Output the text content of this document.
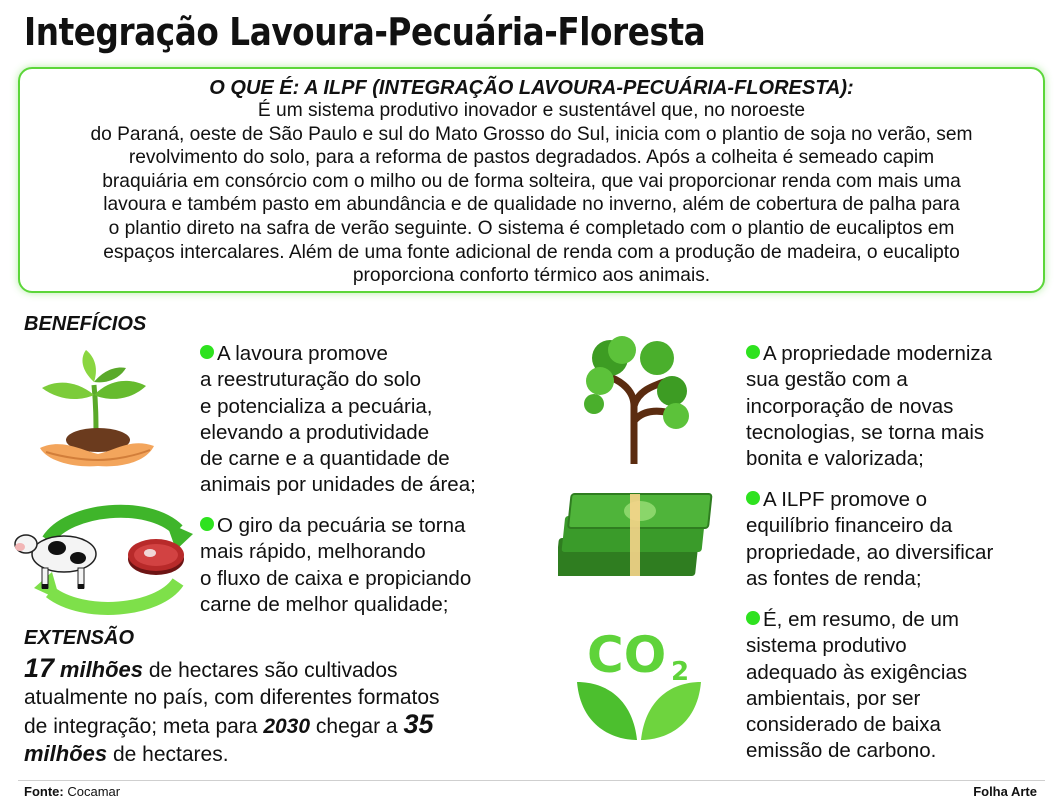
Integração Lavoura-Pecuária-Floresta
O QUE É: A ILPF (INTEGRAÇÃO LAVOURA-PECUÁRIA-FLORESTA):
É um sistema produtivo inovador e sustentável que, no noroeste
do Paraná, oeste de São Paulo e sul do Mato Grosso do Sul, inicia com o plantio de soja no verão, sem
revolvimento do solo, para a reforma de pastos degradados. Após a colheita é semeado capim
braquiária em consórcio com o milho ou de forma solteira, que vai proporcionar renda com mais uma
lavoura e também pasto em abundância e de qualidade no inverno, além de cobertura de palha para
o plantio direto na safra de verão seguinte. O sistema é completado com o plantio de eucaliptos em
espaços intercalares. Além de uma fonte adicional de renda com a produção de madeira, o eucalipto
proporciona conforto térmico aos animais.
BENEFÍCIOS
A lavoura promove
a reestruturação do solo
e potencializa a pecuária,
elevando a produtividade
de carne e a quantidade de
animais por unidades de área;
O giro da pecuária se torna
mais rápido, melhorando
o fluxo de caixa e propiciando
carne de melhor qualidade;
CO 2
A propriedade moderniza
sua gestão com a
incorporação de novas
tecnologias, se torna mais
bonita e valorizada;
A ILPF promove o
equilíbrio financeiro da
propriedade, ao diversificar
as fontes de renda;
É, em resumo, de um
sistema produtivo
adequado às exigências
ambientais, por ser
considerado de baixa
emissão de carbono.
EXTENSÃO
17 milhões de hectares são cultivados
atualmente no país, com diferentes formatos
de integração; meta para 2030 chegar a 35
milhões de hectares.
Fonte: Cocamar	Folha Arte
